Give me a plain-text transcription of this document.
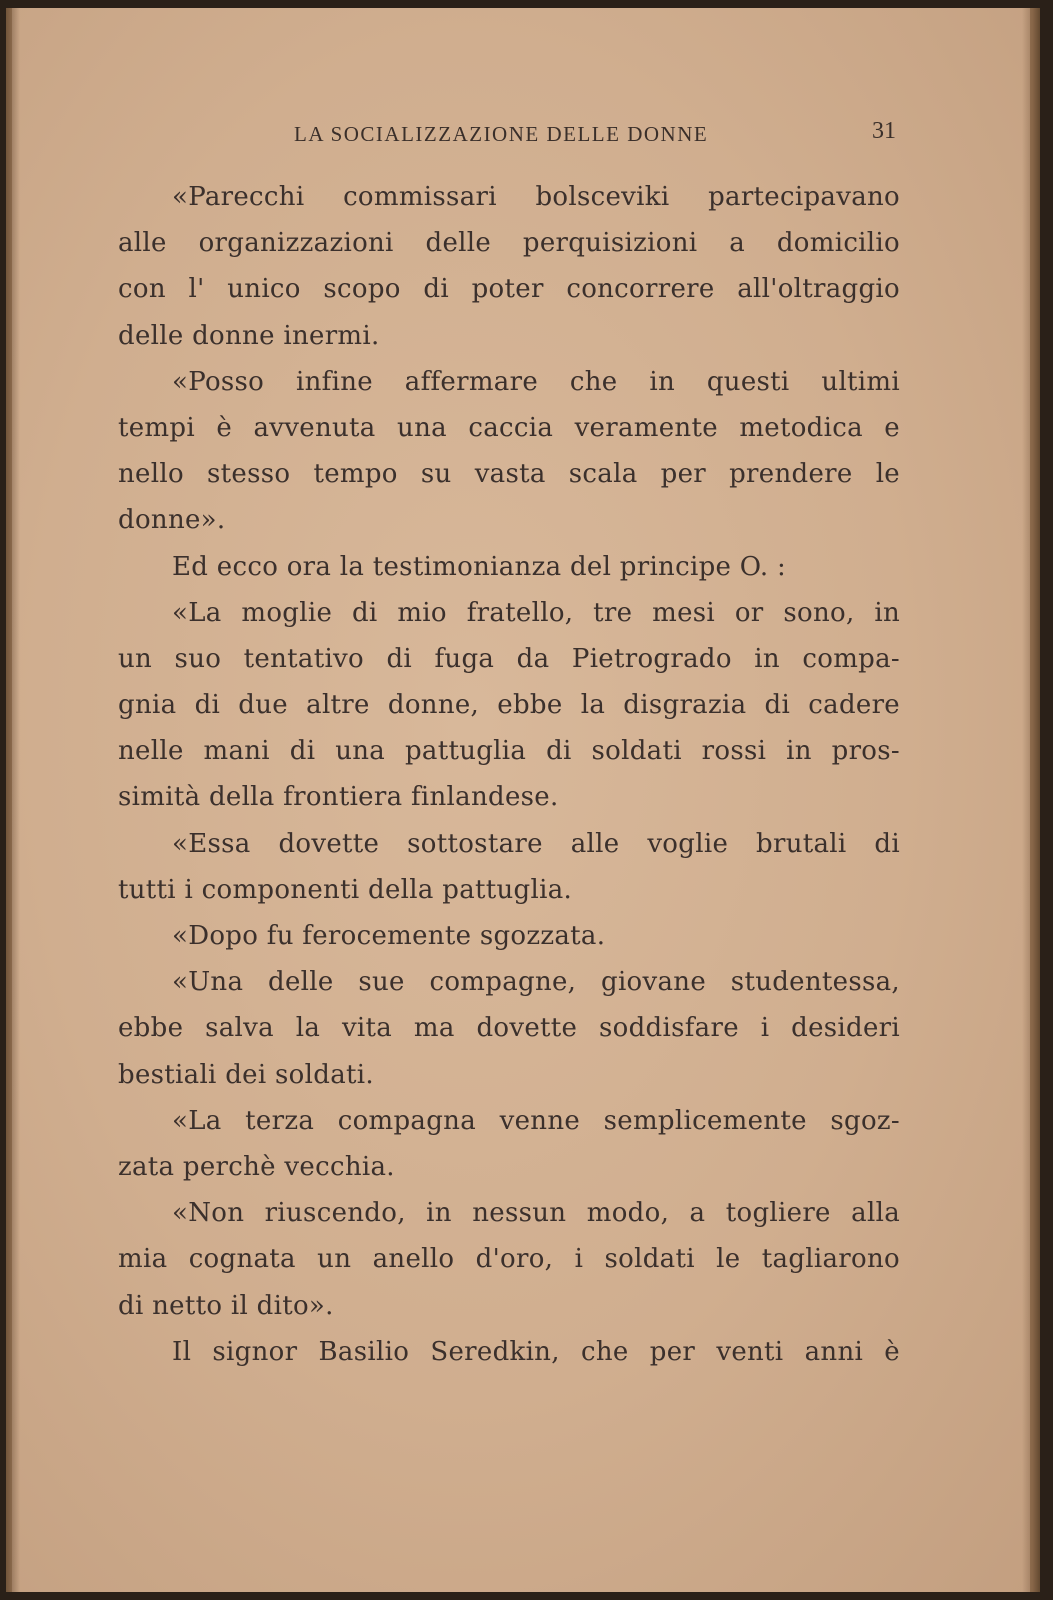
LA SOCIALIZZAZIONE DELLE DONNE	31
«Parecchi commissari bolsceviki partecipavano
alle organizzazioni delle perquisizioni a domicilio
con l' unico scopo di poter concorrere all'oltraggio
delle donne inermi.
«Posso infine affermare che in questi ultimi
tempi è avvenuta una caccia veramente metodica e
nello stesso tempo su vasta scala per prendere le
donne».
Ed ecco ora la testimonianza del principe O. :
«La moglie di mio fratello, tre mesi or sono, in
un suo tentativo di fuga da Pietrogrado in compa-
gnia di due altre donne, ebbe la disgrazia di cadere
nelle mani di una pattuglia di soldati rossi in pros-
simità della frontiera finlandese.
«Essa dovette sottostare alle voglie brutali di
tutti i componenti della pattuglia.
«Dopo fu ferocemente sgozzata.
«Una delle sue compagne, giovane studentessa,
ebbe salva la vita ma dovette soddisfare i desideri
bestiali dei soldati.
«La terza compagna venne semplicemente sgoz-
zata perchè vecchia.
«Non riuscendo, in nessun modo, a togliere alla
mia cognata un anello d'oro, i soldati le tagliarono
di netto il dito».
Il signor Basilio Seredkin, che per venti anni è
